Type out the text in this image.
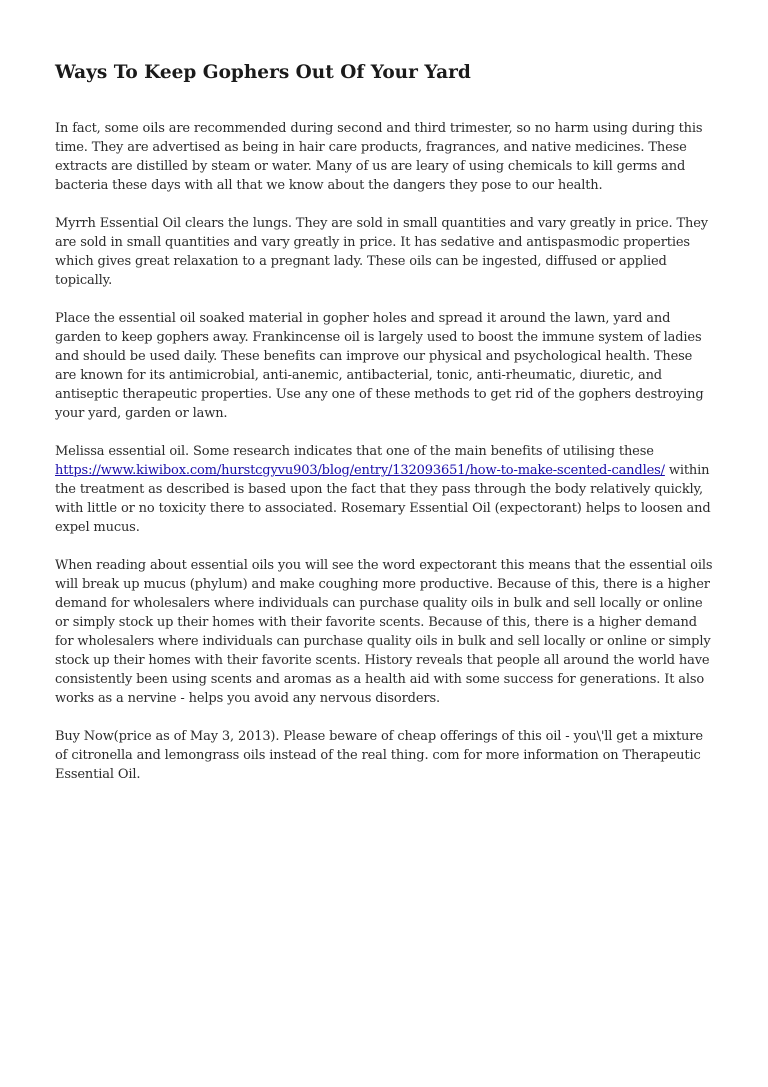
Ways To Keep Gophers Out Of Your Yard

In fact, some oils are recommended during second and third trimester, so no harm using during this time. They are advertised as being in hair care products, fragrances, and native medicines. These extracts are distilled by steam or water. Many of us are leary of using chemicals to kill germs and bacteria these days with all that we know about the dangers they pose to our health.

Myrrh Essential Oil clears the lungs. They are sold in small quantities and vary greatly in price. They are sold in small quantities and vary greatly in price. It has sedative and antispasmodic properties which gives great relaxation to a pregnant lady. These oils can be ingested, diffused or applied topically.

Place the essential oil soaked material in gopher holes and spread it around the lawn, yard and garden to keep gophers away. Frankincense oil is largely used to boost the immune system of ladies and should be used daily. These benefits can improve our physical and psychological health. These are known for its antimicrobial, anti-anemic, antibacterial, tonic, anti-rheumatic, diuretic, and antiseptic therapeutic properties. Use any one of these methods to get rid of the gophers destroying your yard, garden or lawn.

Melissa essential oil. Some research indicates that one of the main benefits of utilising these https://www.kiwibox.com/hurstcgyvu903/blog/entry/132093651/how-to-make-scented-candles/ within the treatment as described is based upon the fact that they pass through the body relatively quickly, with little or no toxicity there to associated. Rosemary Essential Oil (expectorant) helps to loosen and expel mucus.

When reading about essential oils you will see the word expectorant this means that the essential oils will break up mucus (phylum) and make coughing more productive. Because of this, there is a higher demand for wholesalers where individuals can purchase quality oils in bulk and sell locally or online or simply stock up their homes with their favorite scents. Because of this, there is a higher demand for wholesalers where individuals can purchase quality oils in bulk and sell locally or online or simply stock up their homes with their favorite scents. History reveals that people all around the world have consistently been using scents and aromas as a health aid with some success for generations. It also works as a nervine - helps you avoid any nervous disorders.

Buy Now(price as of May 3, 2013). Please beware of cheap offerings of this oil - you\'ll get a mixture of citronella and lemongrass oils instead of the real thing. com for more information on Therapeutic Essential Oil.
